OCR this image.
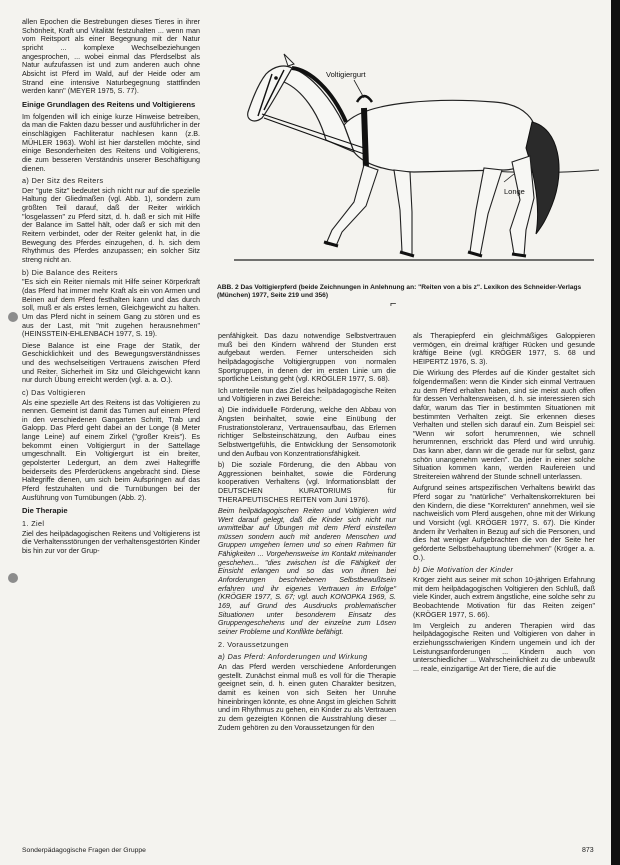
allen Epochen die Bestrebungen dieses Tieres in ihrer Schönheit, Kraft und Vitalität festzuhalten ... wenn man vom Reitsport als einer Begegnung mit der Natur spricht ... komplexe Wechselbeziehungen angesprochen, ... wobei einmal das Pferdselbst als Natur aufzufassen ist und zum anderen auch ohne Absicht ist Pferd im Wald, auf der Heide oder am Strand eine intensive Naturbegegnung stattfinden werden kann" (MEYER 1975, S. 77).

Einige Grundlagen des Reitens und Voltigierens

Im folgenden will ich einige kurze Hinweise betreiben, da man die Fakten dazu besser und ausführlicher in der einschlägigen Fachliteratur nachlesen kann (z.B. MÜHLER 1963). Wohl ist hier darstellen möchte, sind einige Besonderheiten des Reitens und Voltigierens, die zum besseren Verständnis unserer Beschäftigung dienen.

a) Der Sitz des Reiters

Der "gute Sitz" bedeutet sich nicht nur auf die spezielle Haltung der Gliedmaßen (vgl. Abb. 1), sondern zum größten Teil darauf, daß der Reiter wirklich "losgelassen" zu Pferd sitzt, d. h. daß er sich mit Hilfe der Balance im Sattel hält, oder daß er sich mit den Reitern verbindet, oder der Reiter gelenkt hat, in die Bewegung des Pferdes einzugehen, d. h. sich dem Rhythmus des Pferdes anzupassen; ein solcher Sitz streng nicht an.

b) Die Balance des Reiters

"Es sich ein Reiter niemals mit Hilfe seiner Körperkraft (das Pferd hat immer mehr Kraft als ein von Armen und Beinen auf dem Pferd festhalten kann und das durch soll, muß er als erstes lernen, Gleichgewicht zu halten. Um das Pferd nicht in seinem Gang zu stören und es aus der Last, mit "mit zugehen herausnehmen" (HEINSSTEIN-EHLENBACH 1977, S. 19).

Diese Balance ist eine Frage der Statik, der Geschicklichkeit und des Bewegungsverständnisses und des wechselseitigen Vertrauens zwischen Pferd und Reiter. Sicherheit im Sitz und Gleichgewicht kann nur durch Übung erreicht werden (vgl. a. a. O.).

c) Das Voltigieren

Als eine spezielle Art des Reitens ist das Voltigieren zu nennen. Gemeint ist damit das Turnen auf einem Pferd in den verschiedenen Gangarten Schritt, Trab und Galopp. Das Pferd geht dabei an der Longe (8 Meter lange Leine) auf einem Zirkel ("großer Kreis"). Es bekommt einen Voltigiergurt in der Sattellage umgeschnallt. Ein Voltigiergurt ist ein breiter, gepolsterter Ledergurt, an dem zwei Haltegriffe beiderseits des Pferderückens angebracht sind. Diese Haltegriffe dienen, um sich beim Aufspringen auf das Pferd festzuhalten und die Turnübungen bei der Ausführung von Turnübungen (Abb. 2).

Die Therapie
1. Ziel

Ziel des heilpädagogischen Reitens und Voltigierens ist die Verhaltensstörungen der verhaltensgestörten Kinder bis hin zur vor der Grup-

Voltigiergurt
Longe
ABB. 2 Das Voltigierpferd (beide Zeichnungen in Anlehnung an: "Reiten von a bis z". Lexikon des Schneider-Verlags (München) 1977, Seite 219 und 356)
⌐

penfähigkeit. Das dazu notwendige Selbstvertrauen muß bei den Kindern während der Stunden erst aufgebaut werden. Ferner unterscheiden sich heilpädagogische Voltigiergruppen von normalen Sportgruppen, in denen der im ersten Linie um die sportliche Leistung geht (vgl. KRÖGLER 1977, S. 68).

Ich unterteile nun das Ziel das heilpädagogische Reiten und Voltigieren in zwei Bereiche:

a) Die individuelle Förderung, welche den Abbau von Ängsten beinhaltet, sowie eine Einübung der Frustrationstoleranz, Vertrauensaufbau, das Erlernen richtiger Selbsteinschätzung, den Aufbau eines Selbstwertgefühls, die Entwicklung der Sensomotorik und den Aufbau von Konzentrationsfähigkeit.

b) Die soziale Förderung, die den Abbau von Aggressionen beinhaltet, sowie die Förderung kooperativen Verhaltens (vgl. Informationsblatt der DEUTSCHEN KURATORIUMS für THERAPEUTISCHES REITEN vom Juni 1976).

Beim heilpädagogischen Reiten und Voltigieren wird Wert darauf gelegt, daß die Kinder sich nicht nur unmittelbar auf Übungen mit dem Pferd einstellen müssen sondern auch mit anderen Menschen und Gruppen umgehen lernen und so einen Rahmen für Fähigkeiten ... Vorgehensweise im Kontakt miteinander geschehen... "dies zwischen ist die Fähigkeit der Einsicht erlangen und so das von ihnen bei Anforderungen beschriebenen Selbstbewußtsein erfahren und ihr eigenes Vertrauen im Erfolge" (KRÖGER 1977, S. 67; vgl. auch KONOPKA 1969, S. 169, auf Grund des Ausdrucks problematischer Situationen unter besonderem Einsatz des Gruppengeschehens und der einzelne zum Lösen seiner Probleme und Konflikte befähigt.

2. Voraussetzungen
a) Das Pferd: Anforderungen und Wirkung

An das Pferd werden verschiedene Anforderungen gestellt. Zunächst einmal muß es voll für die Therapie geeignet sein, d. h. einen guten Charakter besitzen, damit es keinen von sich Seiten her Unruhe hineinbringen könnte, es ohne Angst im gleichen Schritt und im Rhythmus zu gehen, ein Kinder zu als Vertrauen zu dem gezeigten Können die Ausstrahlung dieser ... Zudem gehören zu den Voraussetzungen für den

als Therapiepferd ein gleichmäßiges Galoppieren vermögen, ein dreimal kräftiger Rücken und gesunde kräftige Beine (vgl. KRÖGER 1977, S. 68 und HEIPERTZ 1976, S. 3).

Die Wirkung des Pferdes auf die Kinder gestaltet sich folgendermaßen: wenn die Kinder sich einmal Vertrauen zu dem Pferd erhalten haben, sind sie meist auch offen für dessen Verhaltensweisen, d. h. sie interessieren sich dafür, warum das Tier in bestimmten Situationen mit bestimmten Verhalten zeigt. Sie erkennen dieses Verhalten und stellen sich darauf ein. Zum Beispiel sei: "Wenn wir sofort herumrennen, wie schnell herumrennen, erschrickt das Pferd und wird unruhig. Das kann aber, dann wir die gerade nur für selbst, ganz schön unangenehm werden". Da jeder in einer solche Situation kommen kann, werden Raufereien und Streitereien während der Stunde schnell unterlassen.

Aufgrund seines artspezifischen Verhaltens bewirkt das Pferd sogar zu "natürliche" Verhaltenskorrekturen bei den Kindern, die diese "Korrekturen" annehmen, weil sie nachweislich vom Pferd ausgehen, ohne mit der Wirkung und Vorsicht (vgl. KRÖGER 1977, S. 67). Die Kinder ändern ihr Verhalten in Bezug auf sich die Personen, und dies hat weniger Aufgebrachten die von der Seite her geförderte Selbstbehauptung übernehmen" (Kröger a. a. O.).

b) Die Motivation der Kinder

Kröger zieht aus seiner mit schon 10-jährigen Erfahrung mit dem heilpädagogischen Voltigieren den Schluß, daß viele Kinder, auch extrem ängstliche, eine solche sehr zu Beobachtende Motivation für das Reiten zeigen" (KRÖGER 1977, S. 66).

Im Vergleich zu anderen Therapien wird das heilpädagogische Reiten und Voltigieren von daher in erziehungsschwierigen Kindern ungemein und ich der Leistungsanforderungen ... Kindern auch von unterschiedlicher ... Wahrscheinlichkeit zu die unbewußt ... reale, einzigartige Art der Tiere, die auf die

Sonderpädagogische Fragen der Gruppe	873
